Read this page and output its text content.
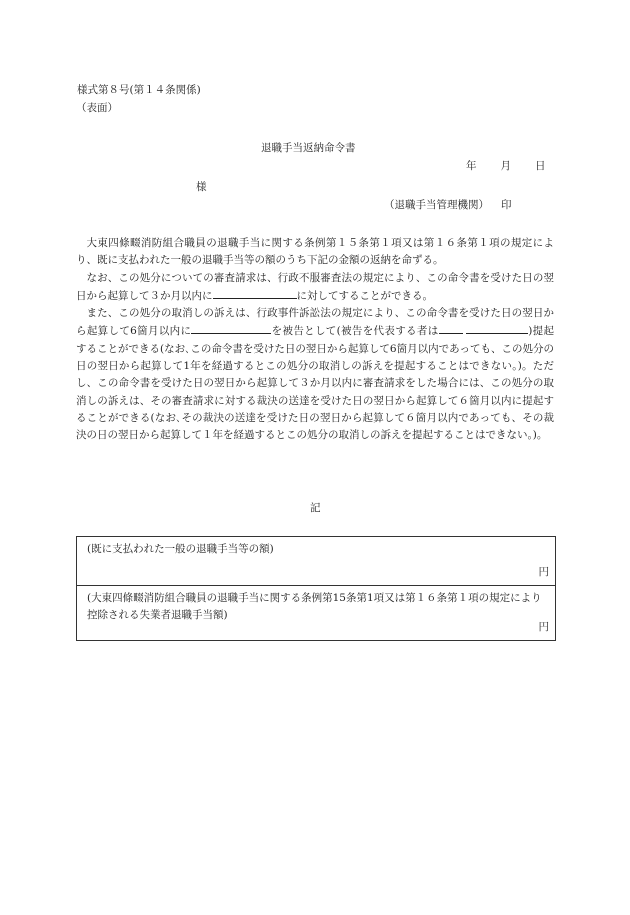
様式第８号(第１４条関係)
（表面）
退職手当返納命令書
年 月 日
様
（退職手当管理機関） 印

大東四條畷消防組合職員の退職手当に関する条例第１５条第１項又は第１６条第１項の規定により、既に支払われた一般の退職手当等の額のうち下記の金額の返納を命ずる。

なお、この処分についての審査請求は、行政不服審査法の規定により、この命令書を受けた日の翌日から起算して３か月以内に	に対してすることができる。

また、この処分の取消しの訴えは、行政事件訴訟法の規定により、この命令書を受けた日の翌日から起算して6箇月以内に	を被告として(被告を代表する者は	)提起することができる(なお､この命令書を受けた日の翌日から起算して6箇月以内であっても、この処分の日の翌日から起算して1年を経過するとこの処分の取消しの訴えを提起することはできない。)。ただし、この命令書を受けた日の翌日から起算して３か月以内に審査請求をした場合には、この処分の取消しの訴えは、その審査請求に対する裁決の送達を受けた日の翌日から起算して６箇月以内に提起することができる(なお､その裁決の送達を受けた日の翌日から起算して６箇月以内であっても、その裁決の日の翌日から起算して１年を経過するとこの処分の取消しの訴えを提起することはできない。)。

記
(既に支払われた一般の退職手当等の額)
円

(大東四條畷消防組合職員の退職手当に関する条例第15条第1項又は第１６条第１項の規定により控除される失業者退職手当額)
円
